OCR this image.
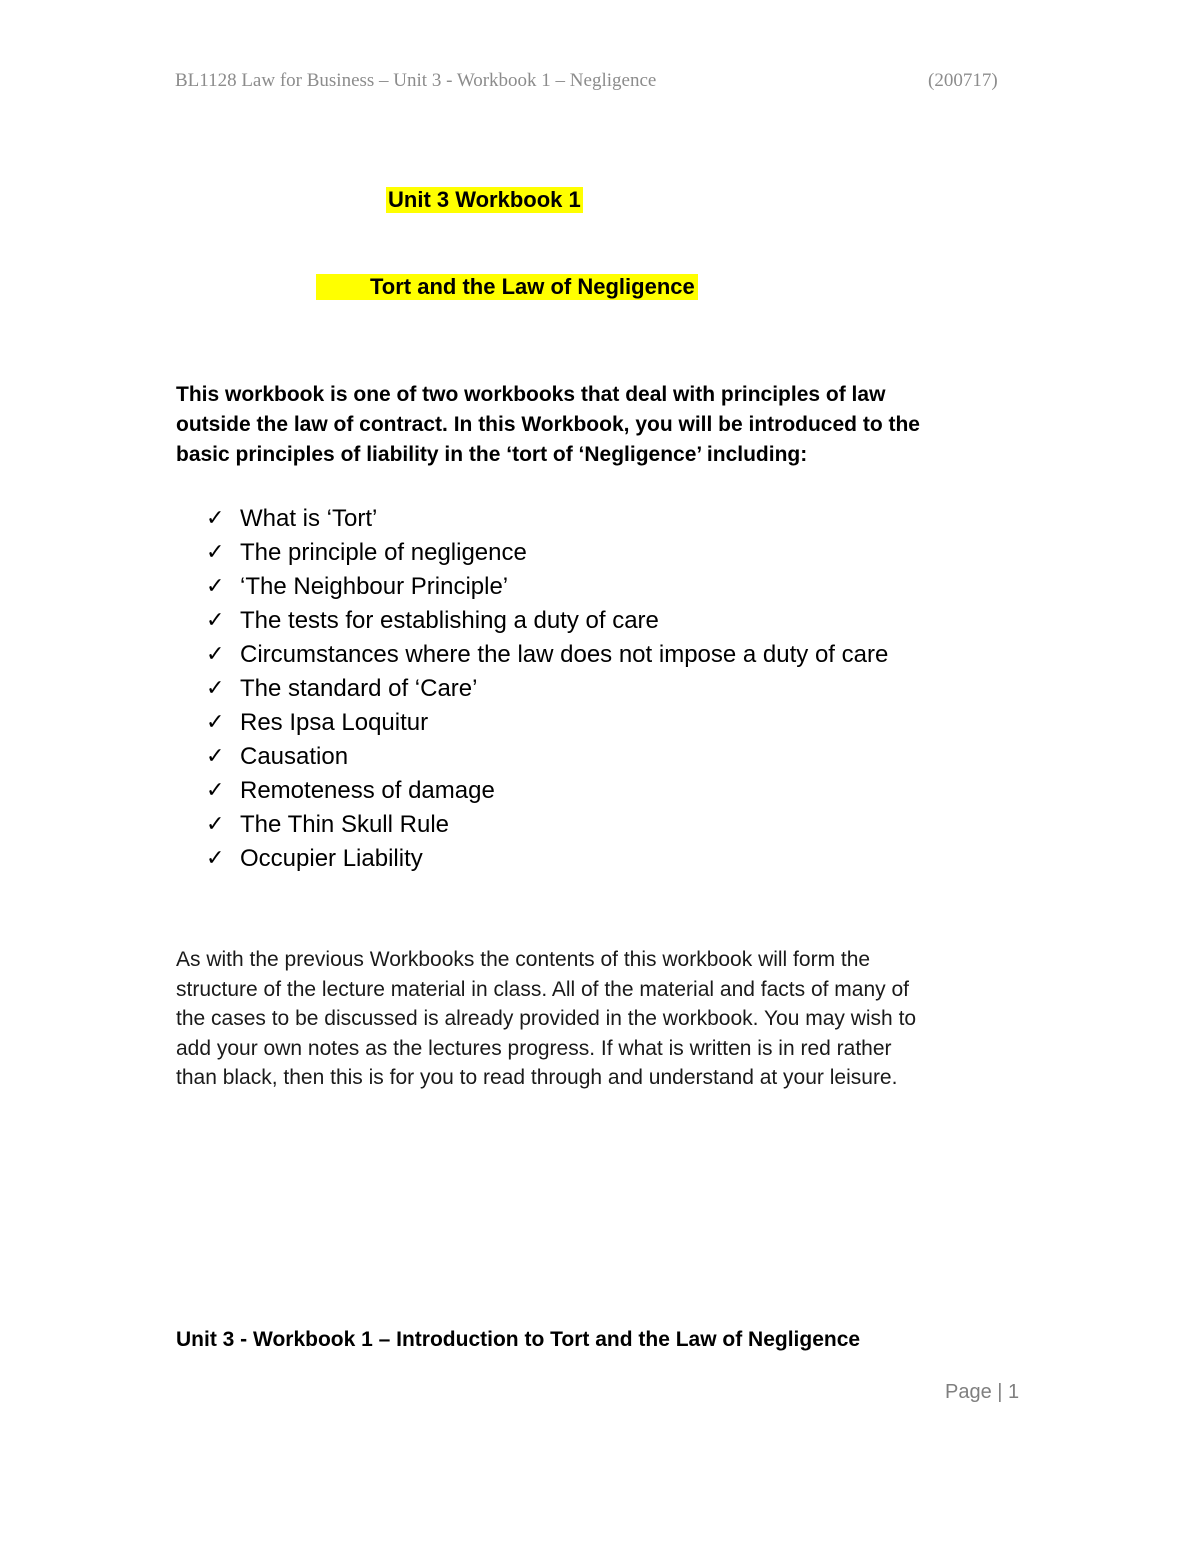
BL1128 Law for Business – Unit 3 - Workbook 1 – Negligence	(200717)
Unit 3 Workbook 1
Tort and the Law of Negligence
This workbook is one of two workbooks that deal with principles of law
outside the law of contract. In this Workbook, you will be introduced to the
basic principles of liability in the ‘tort of ‘Negligence’ including:
✓ What is ‘Tort’
✓ The principle of negligence
✓ ‘The Neighbour Principle’
✓ The tests for establishing a duty of care
✓ Circumstances where the law does not impose a duty of care
✓ The standard of ‘Care’
✓ Res Ipsa Loquitur
✓ Causation
✓ Remoteness of damage
✓ The Thin Skull Rule
✓ Occupier Liability
As with the previous Workbooks the contents of this workbook will form the
structure of the lecture material in class. All of the material and facts of many of
the cases to be discussed is already provided in the workbook. You may wish to
add your own notes as the lectures progress. If what is written is in red rather
than black, then this is for you to read through and understand at your leisure.
Unit 3 - Workbook 1 – Introduction to Tort and the Law of Negligence
Page | 1
